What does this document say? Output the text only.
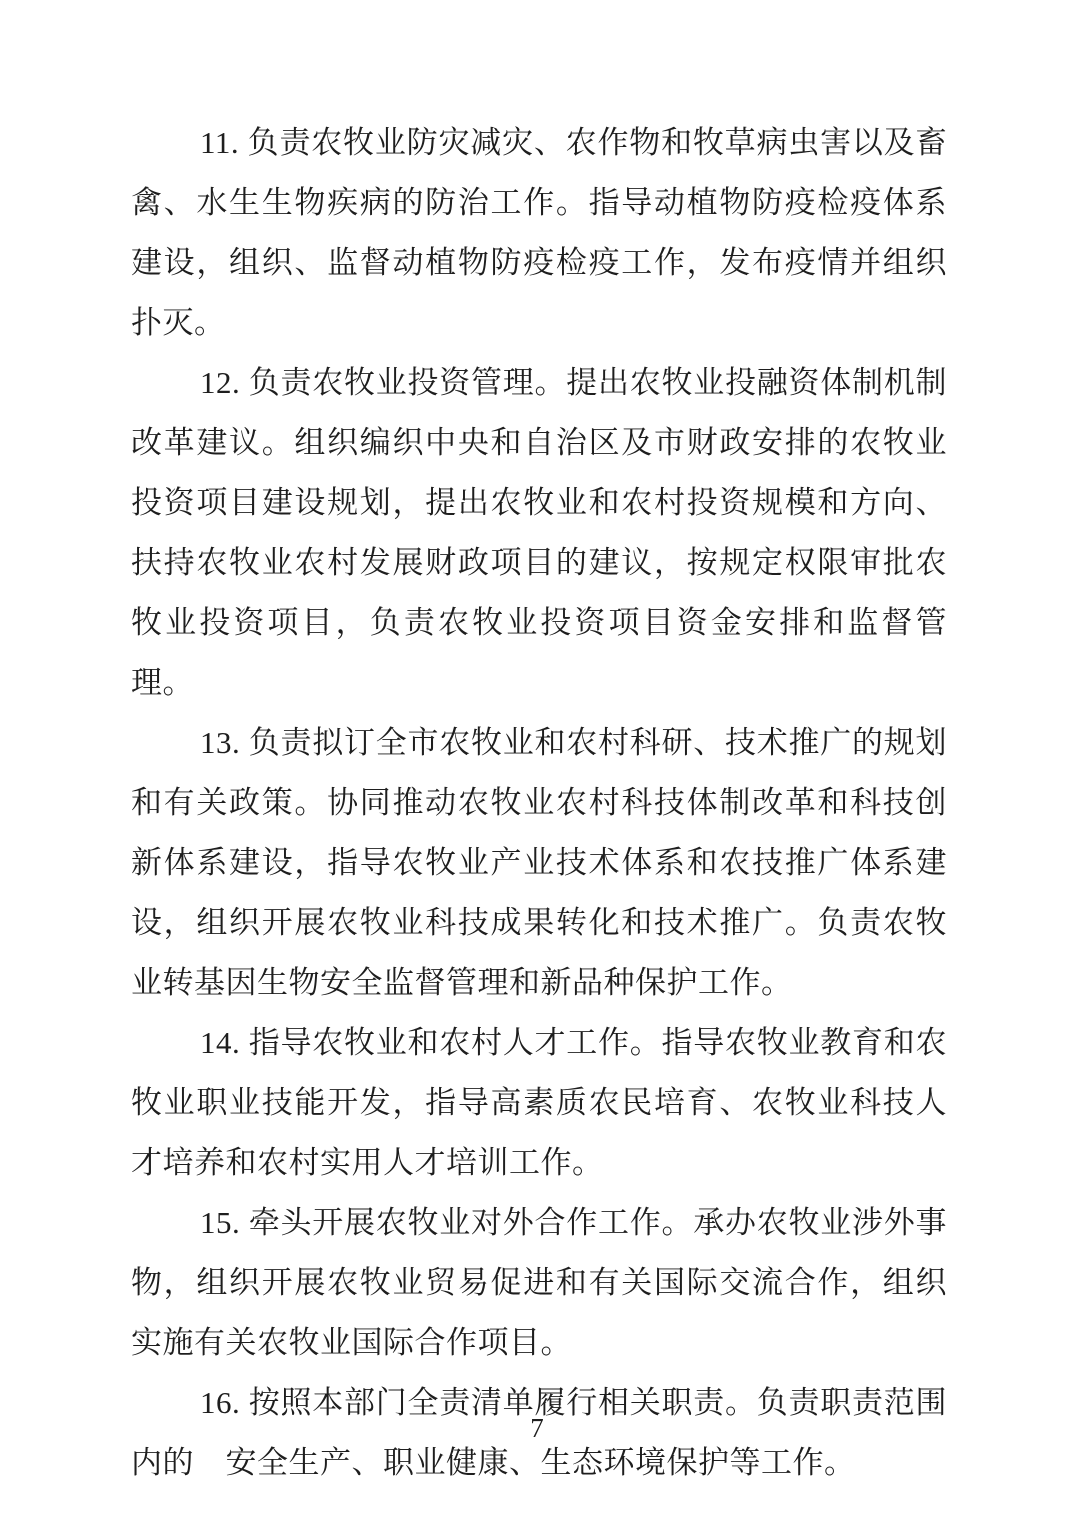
11. 负责农牧业防灾减灾、农作物和牧草病虫害以及畜禽、水生生物疾病的防治工作。指导动植物防疫检疫体系建设，组织、监督动植物防疫检疫工作，发布疫情并组织扑灭。

12. 负责农牧业投资管理。提出农牧业投融资体制机制改革建议。组织编织中央和自治区及市财政安排的农牧业投资项目建设规划，提出农牧业和农村投资规模和方向、扶持农牧业农村发展财政项目的建议，按规定权限审批农牧业投资项目，负责农牧业投资项目资金安排和监督管理。

13. 负责拟订全市农牧业和农村科研、技术推广的规划和有关政策。协同推动农牧业农村科技体制改革和科技创新体系建设，指导农牧业产业技术体系和农技推广体系建设，组织开展农牧业科技成果转化和技术推广。负责农牧业转基因生物安全监督管理和新品种保护工作。

14. 指导农牧业和农村人才工作。指导农牧业教育和农牧业职业技能开发，指导高素质农民培育、农牧业科技人才培养和农村实用人才培训工作。

15. 牵头开展农牧业对外合作工作。承办农牧业涉外事物，组织开展农牧业贸易促进和有关国际交流合作，组织实施有关农牧业国际合作项目。

16. 按照本部门全责清单履行相关职责。负责职责范围内的　安全生产、职业健康、生态环境保护等工作。

7
